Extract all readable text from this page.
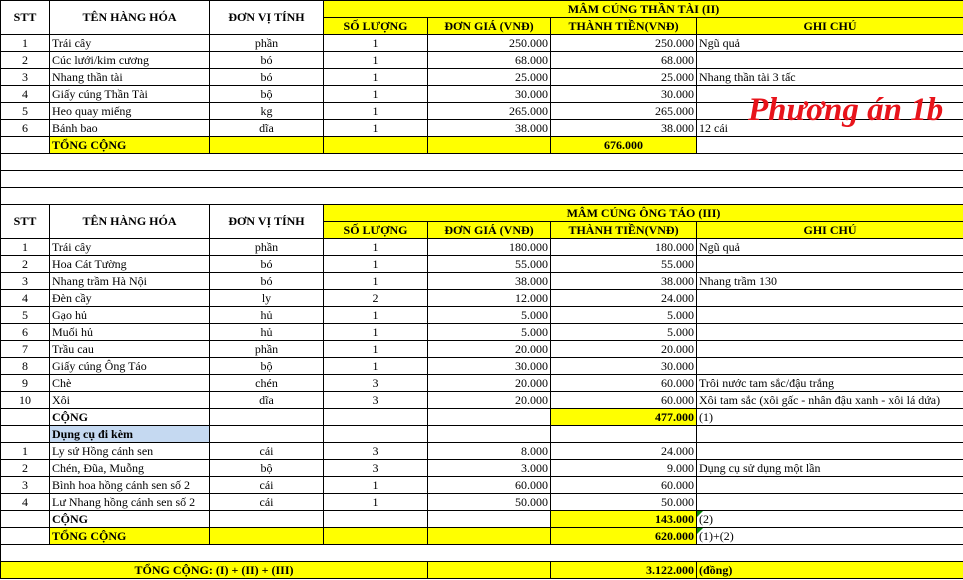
STT	TÊN HÀNG HÓA	ĐƠN VỊ TÍNH	MÂM CÚNG THẦN TÀI (II)			
			SỐ LƯỢNG	ĐƠN GIÁ (VNĐ)	THÀNH TIỀN(VNĐ)	GHI CHÚ
1	Trái cây	phần	1	250.000	250.000	Ngũ quả
2	Cúc lưới/kim cương	bó	1	68.000	68.000	
3	Nhang thần tài	bó	1	25.000	25.000	Nhang thần tài 3 tấc
4	Giấy cúng Thần Tài	bộ	1	30.000	30.000	
5	Heo quay miếng	kg	1	265.000	265.000	
6	Bánh bao	dĩa	1	38.000	38.000	12 cái
	TỔNG CỘNG				676.000	

STT	TÊN HÀNG HÓA	ĐƠN VỊ TÍNH	MÂM CÚNG ÔNG TÁO (III)			
			SỐ LƯỢNG	ĐƠN GIÁ (VNĐ)	THÀNH TIỀN(VNĐ)	GHI CHÚ
1	Trái cây	phần	1	180.000	180.000	Ngũ quả
2	Hoa Cát Tường	bó	1	55.000	55.000	
3	Nhang trầm Hà Nội	bó	1	38.000	38.000	Nhang trầm 130
4	Đèn cầy	ly	2	12.000	24.000	
5	Gạo hủ	hủ	1	5.000	5.000	
6	Muối hủ	hủ	1	5.000	5.000	
7	Trầu cau	phần	1	20.000	20.000	
8	Giấy cúng Ông Táo	bộ	1	30.000	30.000	
9	Chè	chén	3	20.000	60.000	Trôi nước tam sắc/đậu trắng
10	Xôi	dĩa	3	20.000	60.000	Xôi tam sắc (xôi gấc - nhân đậu xanh - xôi lá dứa)
	CỘNG				477.000	(1)
	Dụng cụ đi kèm					
1	Ly sứ Hồng cánh sen	cái	3	8.000	24.000	
2	Chén, Đũa, Muỗng	bộ	3	3.000	9.000	Dụng cụ sử dụng một lần
3	Bình hoa hồng cánh sen số 2	cái	1	60.000	60.000	
4	Lư Nhang hồng cánh sen số 2	cái	1	50.000	50.000	
	CỘNG				143.000	(2)

	TỔNG CỘNG				620.000	(1)+(2)

TỔNG CỘNG: (I) + (II) + (III)					3.122.000	(đồng)
Phương án 1b
